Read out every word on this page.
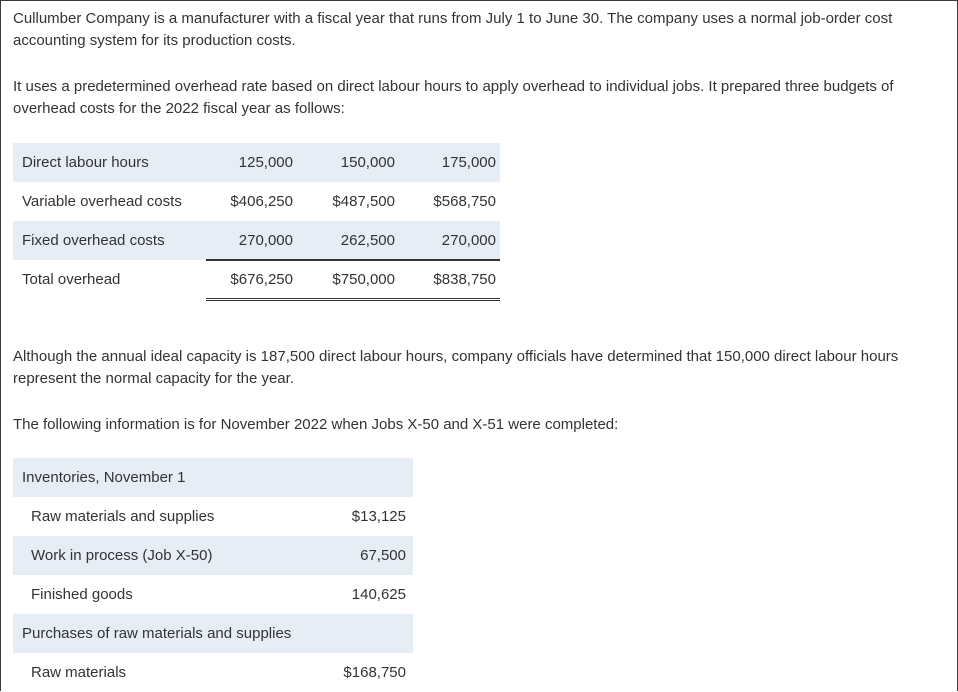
Cullumber Company is a manufacturer with a fiscal year that runs from July 1 to June 30. The company uses a normal job-order cost accounting system for its production costs.

It uses a predetermined overhead rate based on direct labour hours to apply overhead to individual jobs. It prepared three budgets of overhead costs for the 2022 fiscal year as follows:

Direct labour hours	125,000	150,000	175,000
Variable overhead costs	$406,250	$487,500	$568,750
Fixed overhead costs	270,000	262,500	270,000
Total overhead	$676,250	$750,000	$838,750

Although the annual ideal capacity is 187,500 direct labour hours, company officials have determined that 150,000 direct labour hours represent the normal capacity for the year.

The following information is for November 2022 when Jobs X-50 and X-51 were completed:

Inventories, November 1	
Raw materials and supplies	$13,125
Work in process (Job X-50)	67,500
Finished goods	140,625
Purchases of raw materials and supplies	
Raw materials	$168,750
